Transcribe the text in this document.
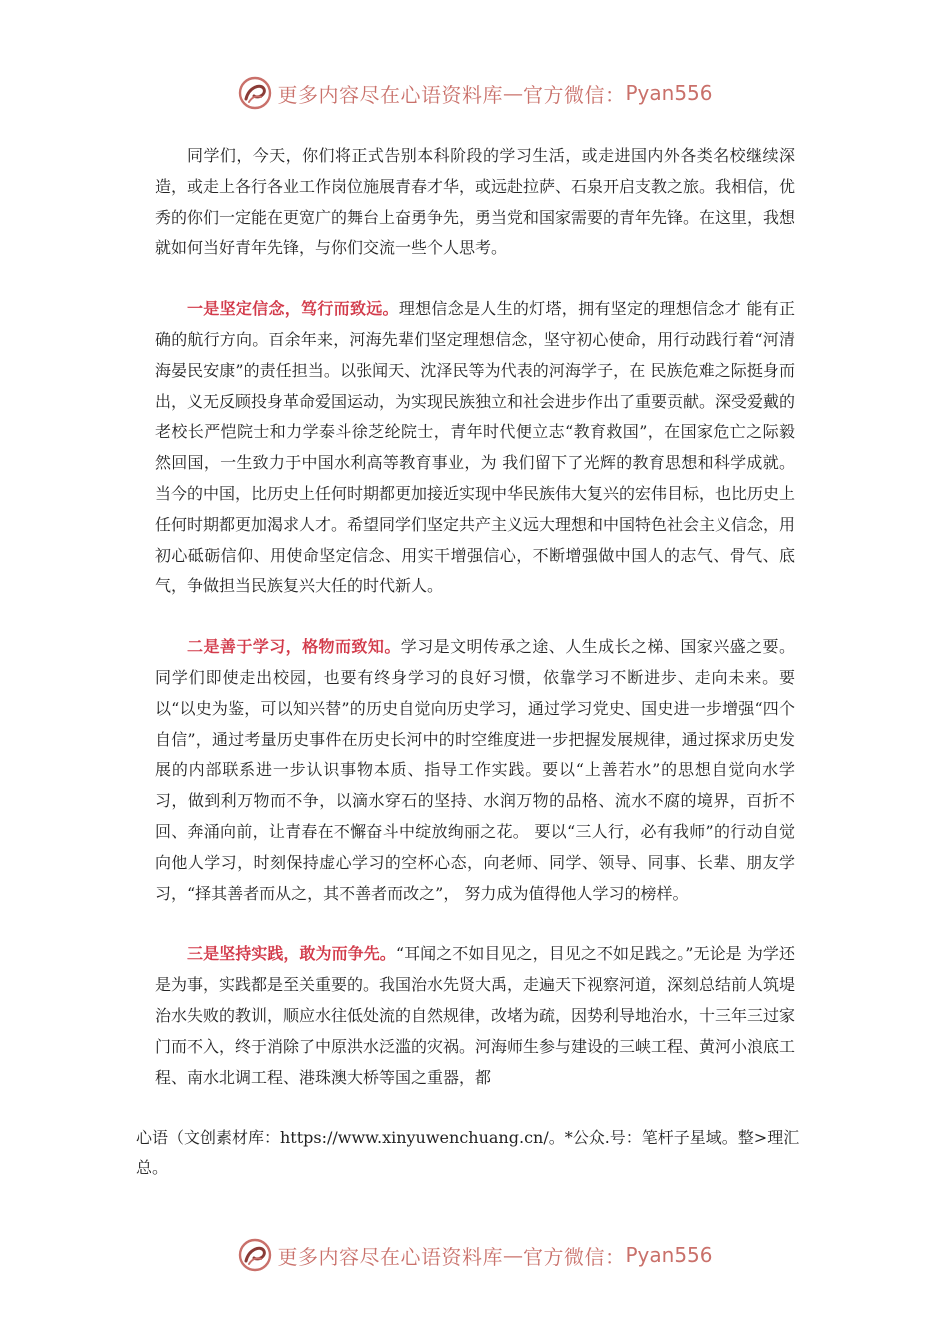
更多内容尽在心语资料库 — 官方微信： Pyan556

同学们，今天，你们将正式告别本科阶段的学习生活，或走进国内外各类名校继续深造，或走上各行各业工作岗位施展青春才华，或远赴拉萨、石泉开启支教之旅。我相信，优秀的你们一定能在更宽广的舞台上奋勇争先，勇当党和国家需要的青年先锋。在这里，我想就如何当好青年先锋，与你们交流一些个人思考。

一是坚定信念，笃行而致远。理想信念是人生的灯塔，拥有坚定的理想信念才 能有正确的航行方向。百余年来，河海先辈们坚定理想信念，坚守初心使命，用行动践行着“河清海晏民安康”的责任担当。以张闻天、沈泽民等为代表的河海学子，在 民族危难之际挺身而出，义无反顾投身革命爱国运动，为实现民族独立和社会进步作出了重要贡献。深受爱戴的老校长严恺院士和力学泰斗徐芝纶院士，青年时代便立志“教育救国”，在国家危亡之际毅然回国，一生致力于中国水利高等教育事业，为 我们留下了光辉的教育思想和科学成就。当今的中国，比历史上任何时期都更加接近实现中华民族伟大复兴的宏伟目标，也比历史上任何时期都更加渴求人才。希望同学们坚定共产主义远大理想和中国特色社会主义信念，用初心砥砺信仰、用使命坚定信念、用实干增强信心，不断增强做中国人的志气、骨气、底气，争做担当民族复兴大任的时代新人。

二是善于学习，格物而致知。学习是文明传承之途、人生成长之梯、国家兴盛之要。同学们即使走出校园，也要有终身学习的良好习惯，依靠学习不断进步、走向未来。要以“以史为鉴，可以知兴替”的历史自觉向历史学习，通过学习党史、国史进一步增强“四个自信”，通过考量历史事件在历史长河中的时空维度进一步把握发展规律，通过探求历史发展的内部联系进一步认识事物本质、指导工作实践。要以“上善若水”的思想自觉向水学习，做到利万物而不争，以滴水穿石的坚持、水润万物的品格、流水不腐的境界，百折不回、奔涌向前，让青春在不懈奋斗中绽放绚丽之花。 要以“三人行，必有我师”的行动自觉向他人学习，时刻保持虚心学习的空杯心态，向老师、同学、领导、同事、长辈、朋友学习，“择其善者而从之，其不善者而改之”， 努力成为值得他人学习的榜样。

三是坚持实践，敢为而争先。“耳闻之不如目见之，目见之不如足践之。”无论是 为学还是为事，实践都是至关重要的。我国治水先贤大禹，走遍天下视察河道，深刻总结前人筑堤治水失败的教训，顺应水往低处流的自然规律，改堵为疏，因势利导地治水，十三年三过家门而不入，终于消除了中原洪水泛滥的灾祸。河海师生参与建设的三峡工程、黄河小浪底工程、南水北调工程、港珠澳大桥等国之重器，都

心语（文创素材库：https://www.xinyuwenchuang.cn/。*公众.号：笔杆子星域。整>理汇总。
更多内容尽在心语资料库 — 官方微信： Pyan556
